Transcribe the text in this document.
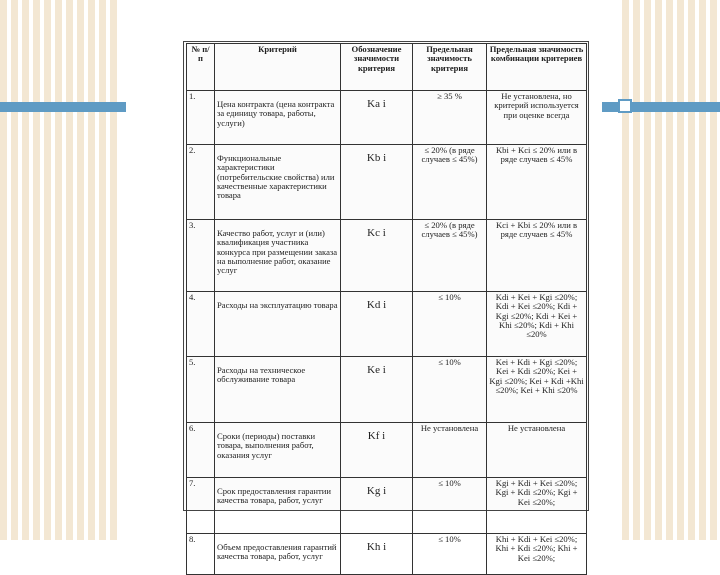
№ п/п	Критерий	Обозначение значимости критерия	Предельная значимость критерия	Предельная значимость комбинации критериев
1.	Цена контракта (цена контракта за единицу товара, работы, услуги)	Ka i	≥ 35 %	Не установлена, но критерий используется при оценке всегда
2.	Функциональные характеристики (потребительские свойства) или качественные характеристики товара	Kb i	≤ 20% (в ряде случаев ≤ 45%)	Kbi + Kci ≤ 20% или в ряде случаев ≤ 45%
3.	Качество работ, услуг и (или) квалификация участника конкурса при размещении заказа на выполнение работ, оказание услуг	Kc i	≤ 20% (в ряде случаев ≤ 45%)	Kci + Kbi ≤ 20% или в ряде случаев ≤ 45%
4.	Расходы на эксплуатацию товара	Kd i	≤ 10%	Kdi + Kei + Kgi ≤20%; Kdi + Kei ≤20%; Kdi + Kgi ≤20%; Kdi + Kei + Khi ≤20%; Kdi + Khi ≤20%
5.	Расходы на техническое обслуживание товара	Ke i	≤ 10%	Kei + Kdi + Kgi ≤20%; Kei + Kdi ≤20%; Kei + Kgi ≤20%; Kei + Kdi +Khi ≤20%; Kei + Khi ≤20%
6.	Сроки (периоды) поставки товара, выполнения работ, оказания услуг	Kf i	Не установлена	Не установлена
7.	Срок предоставления гарантии качества товара, работ, услуг	Kg i	≤ 10%	Kgi + Kdi + Kei ≤20%; Kgi + Kdi ≤20%; Kgi + Kei ≤20%;
8.	Объем предоставления гарантий качества товара, работ, услуг	Kh i	≤ 10%	Khi + Kdi + Kei ≤20%; Khi + Kdi ≤20%; Khi + Kei ≤20%;
